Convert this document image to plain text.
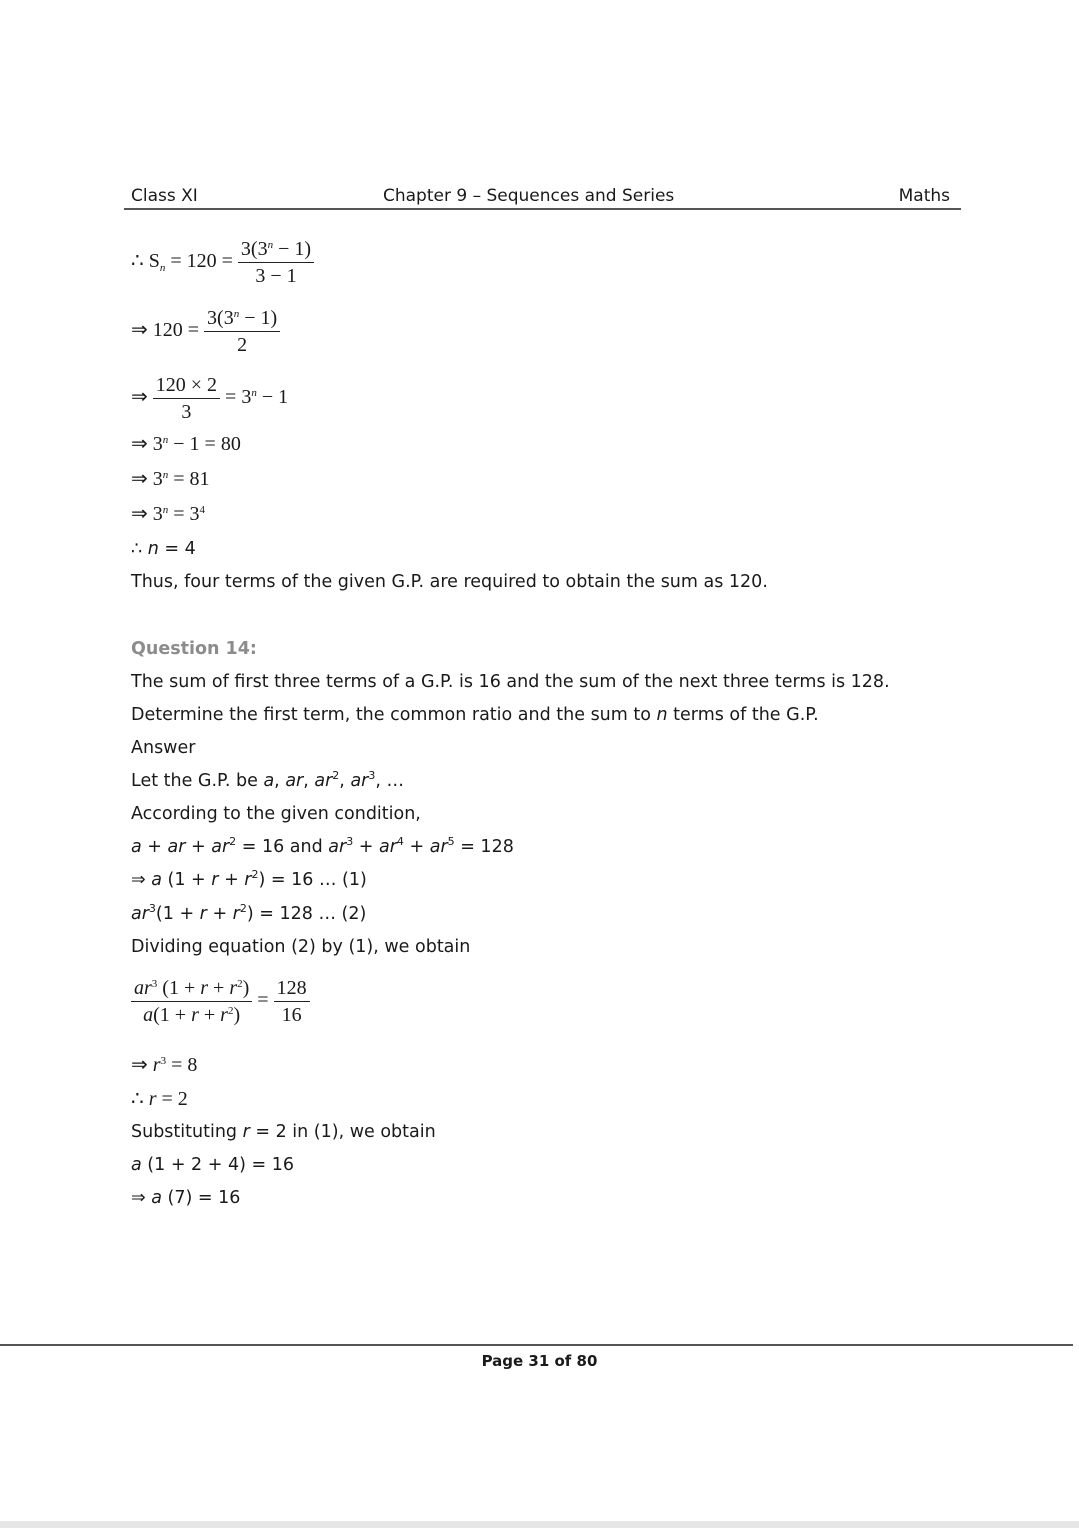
Class XI	Chapter 9 – Sequences and Series	Maths
∴ $S_n = 120 = \frac{3(3^n - 1)}{3 - 1}$
⇒ $120 = \frac{3(3^n - 1)}{2}$
⇒ $\frac{120 \times 2}{3} = 3^n - 1$
⇒ $3^n - 1 = 80$
⇒ $3^n = 81$
⇒ $3^n = 3^4$
∴ n = 4
Thus, four terms of the given G.P. are required to obtain the sum as 120.
Question 14:
The sum of first three terms of a G.P. is 16 and the sum of the next three terms is 128.
Determine the first term, the common ratio and the sum to n terms of the G.P.
Answer
Let the G.P. be a, ar, $ar^2$, $ar^3$, …
According to the given condition,
a + ar + $ar^2 = 16$ and $ar^3 + ar^4 + ar^5 = 128$
⇒ a $(1 + r + r^2) = 16$ … (1)
$ar^3(1 + r + r^2) = 128$ … (2)
Dividing equation (2) by (1), we obtain
$\frac{ar^3 (1 + r + r^2)}{a(1 + r + r^2)} = \frac{128}{16}$
⇒ $r^3 = 8$
∴ r = 2
Substituting r = 2 in (1), we obtain
a (1 + 2 + 4) = 16
⇒ a (7) = 16
Page 31 of 80
